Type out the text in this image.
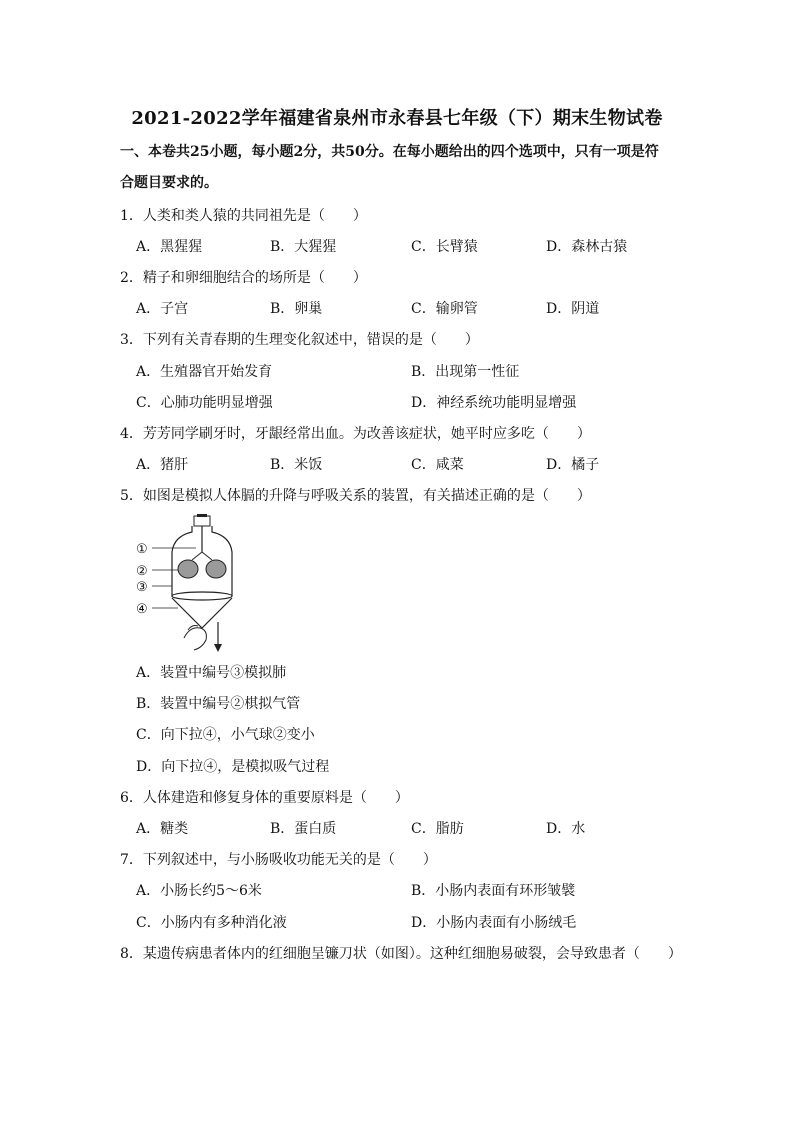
2021-2022学年福建省泉州市永春县七年级（下）期末生物试卷
一、本卷共25小题，每小题2分，共50分。在每小题给出的四个选项中，只有一项是符
合题目要求的。
1．人类和类人猿的共同祖先是（　　）
A．黑猩猩	B．大猩猩	C．长臂猿	D．森林古猿
2．精子和卵细胞结合的场所是（　　）
A．子宫	B．卵巢	C．输卵管	D．阴道
3．下列有关青春期的生理变化叙述中，错误的是（　　）
A．生殖器官开始发育	B．出现第一性征
C．心肺功能明显增强	D．神经系统功能明显增强
4．芳芳同学刷牙时，牙龈经常出血。为改善该症状，她平时应多吃（　　）
A．猪肝	B．米饭	C．咸菜	D．橘子
5．如图是模拟人体膈的升降与呼吸关系的装置，有关描述正确的是（　　）
①
②
③
④
A．装置中编号③模拟肺
B．装置中编号②棋拟气管
C．向下拉④，小气球②变小
D．向下拉④，是模拟吸气过程
6．人体建造和修复身体的重要原料是（　　）
A．糖类	B．蛋白质	C．脂肪	D．水
7．下列叙述中，与小肠吸收功能无关的是（　　）
A．小肠长约5～6米	B．小肠内表面有环形皱襞
C．小肠内有多种消化液	D．小肠内表面有小肠绒毛
8．某遗传病患者体内的红细胞呈镰刀状（如图）。这种红细胞易破裂，会导致患者（　　）
